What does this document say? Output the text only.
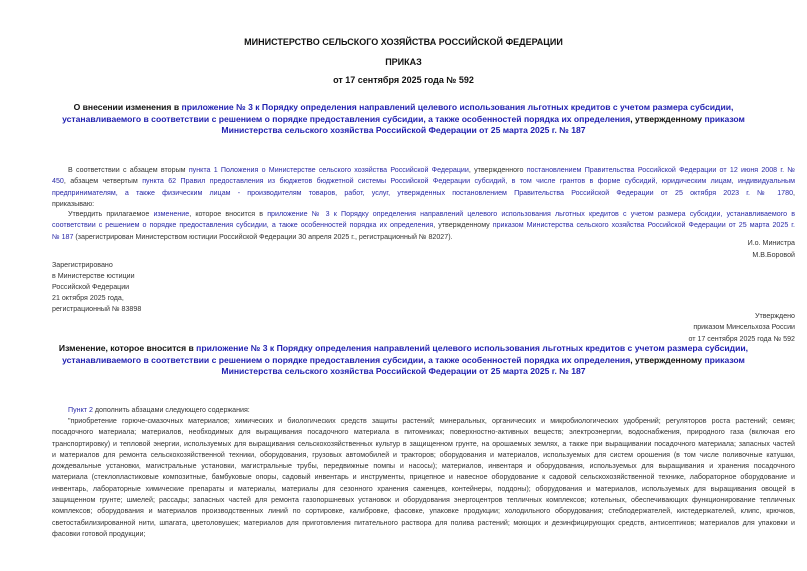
МИНИСТЕРСТВО СЕЛЬСКОГО ХОЗЯЙСТВА РОССИЙСКОЙ ФЕДЕРАЦИИ
ПРИКАЗ
от 17 сентября 2025 года № 592
О внесении изменения в приложение № 3 к Порядку определения направлений целевого использования льготных кредитов с учетом размера субсидии,
устанавливаемого в соответствии с решением о порядке предоставления субсидии, а также особенностей порядка их определения, утвержденному приказом
Министерства сельского хозяйства Российской Федерации от 25 марта 2025 г. № 187
В соответствии с абзацем вторым пункта 1 Положения о Министерстве сельского хозяйства Российской Федерации, утвержденного постановлением Правительства Российской Федерации от 12 июня 2008 г. №
450, абзацем четвертым пункта 62 Правил предоставления из бюджетов бюджетной системы Российской Федерации субсидий, в том числе грантов в форме субсидий, юридическим лицам, индивидуальным
предпринимателям, а также физическим лицам - производителям товаров, работ, услуг, утвержденных постановлением Правительства Российской Федерации от 25 октября 2023 г. № 1780,
приказываю:
Утвердить прилагаемое изменение, которое вносится в приложение № 3 к Порядку определения направлений целевого использования льготных кредитов с учетом размера субсидии, устанавливаемого в
соответствии с решением о порядке предоставления субсидии, а также особенностей порядка их определения, утвержденному приказом Министерства сельского хозяйства Российской Федерации от 25 марта 2025 г.
№ 187 (зарегистрирован Министерством юстиции Российской Федерации 30 апреля 2025 г., регистрационный № 82027).
И.о. Министра
М.В.Боровой
Зарегистрировано
в Министерстве юстиции
Российской Федерации
21 октября 2025 года,
регистрационный № 83898
Утверждено
приказом Минсельхоза России
от 17 сентября 2025 года № 592
Изменение, которое вносится в приложение № 3 к Порядку определения направлений целевого использования льготных кредитов с учетом размера субсидии,
устанавливаемого в соответствии с решением о порядке предоставления субсидии, а также особенностей порядка их определения, утвержденному приказом
Министерства сельского хозяйства Российской Федерации от 25 марта 2025 г. № 187
Пункт 2 дополнить абзацами следующего содержания:
"приобретение горюче-смазочных материалов; химических и биологических средств защиты растений; минеральных, органических и микробиологических удобрений; регуляторов роста растений; семян;
посадочного материала; материалов, необходимых для выращивания посадочного материала в питомниках; поверхностно-активных веществ; электроэнергии, водоснабжения, природного газа (включая его
транспортировку) и тепловой энергии, используемых для выращивания сельскохозяйственных культур в защищенном грунте, на орошаемых землях, а также при выращивании посадочного материала; запасных частей
и материалов для ремонта сельскохозяйственной техники, оборудования, грузовых автомобилей и тракторов; оборудования и материалов, используемых для систем орошения (в том числе поливочные катушки,
дождевальные установки, магистральные установки, магистральные трубы, передвижные помпы и насосы); материалов, инвентаря и оборудования, используемых для выращивания и хранения посадочного
материала (стеклопластиковые композитные, бамбуковые опоры, садовый инвентарь и инструменты, прицепное и навесное оборудование к садовой сельскохозяйственной технике, лабораторное оборудование и
инвентарь, лабораторные химические препараты и материалы, материалы для сезонного хранения саженцев, контейнеры, поддоны); оборудования и материалов, используемых для выращивания овощей в
защищенном грунте; шмелей; рассады; запасных частей для ремонта газопоршневых установок и оборудования энергоцентров тепличных комплексов; котельных, обеспечивающих функционирование тепличных
комплексов; оборудования и материалов производственных линий по сортировке, калибровке, фасовке, упаковке продукции; холодильного оборудования; стеблодержателей, кистедержателей, клипс, крючков,
светостабилизированной нити, шпагата, цветоловушек; материалов для приготовления питательного раствора для полива растений; моющих и дезинфицирующих средств, антисептиков; материалов для упаковки и
фасовки готовой продукции;
